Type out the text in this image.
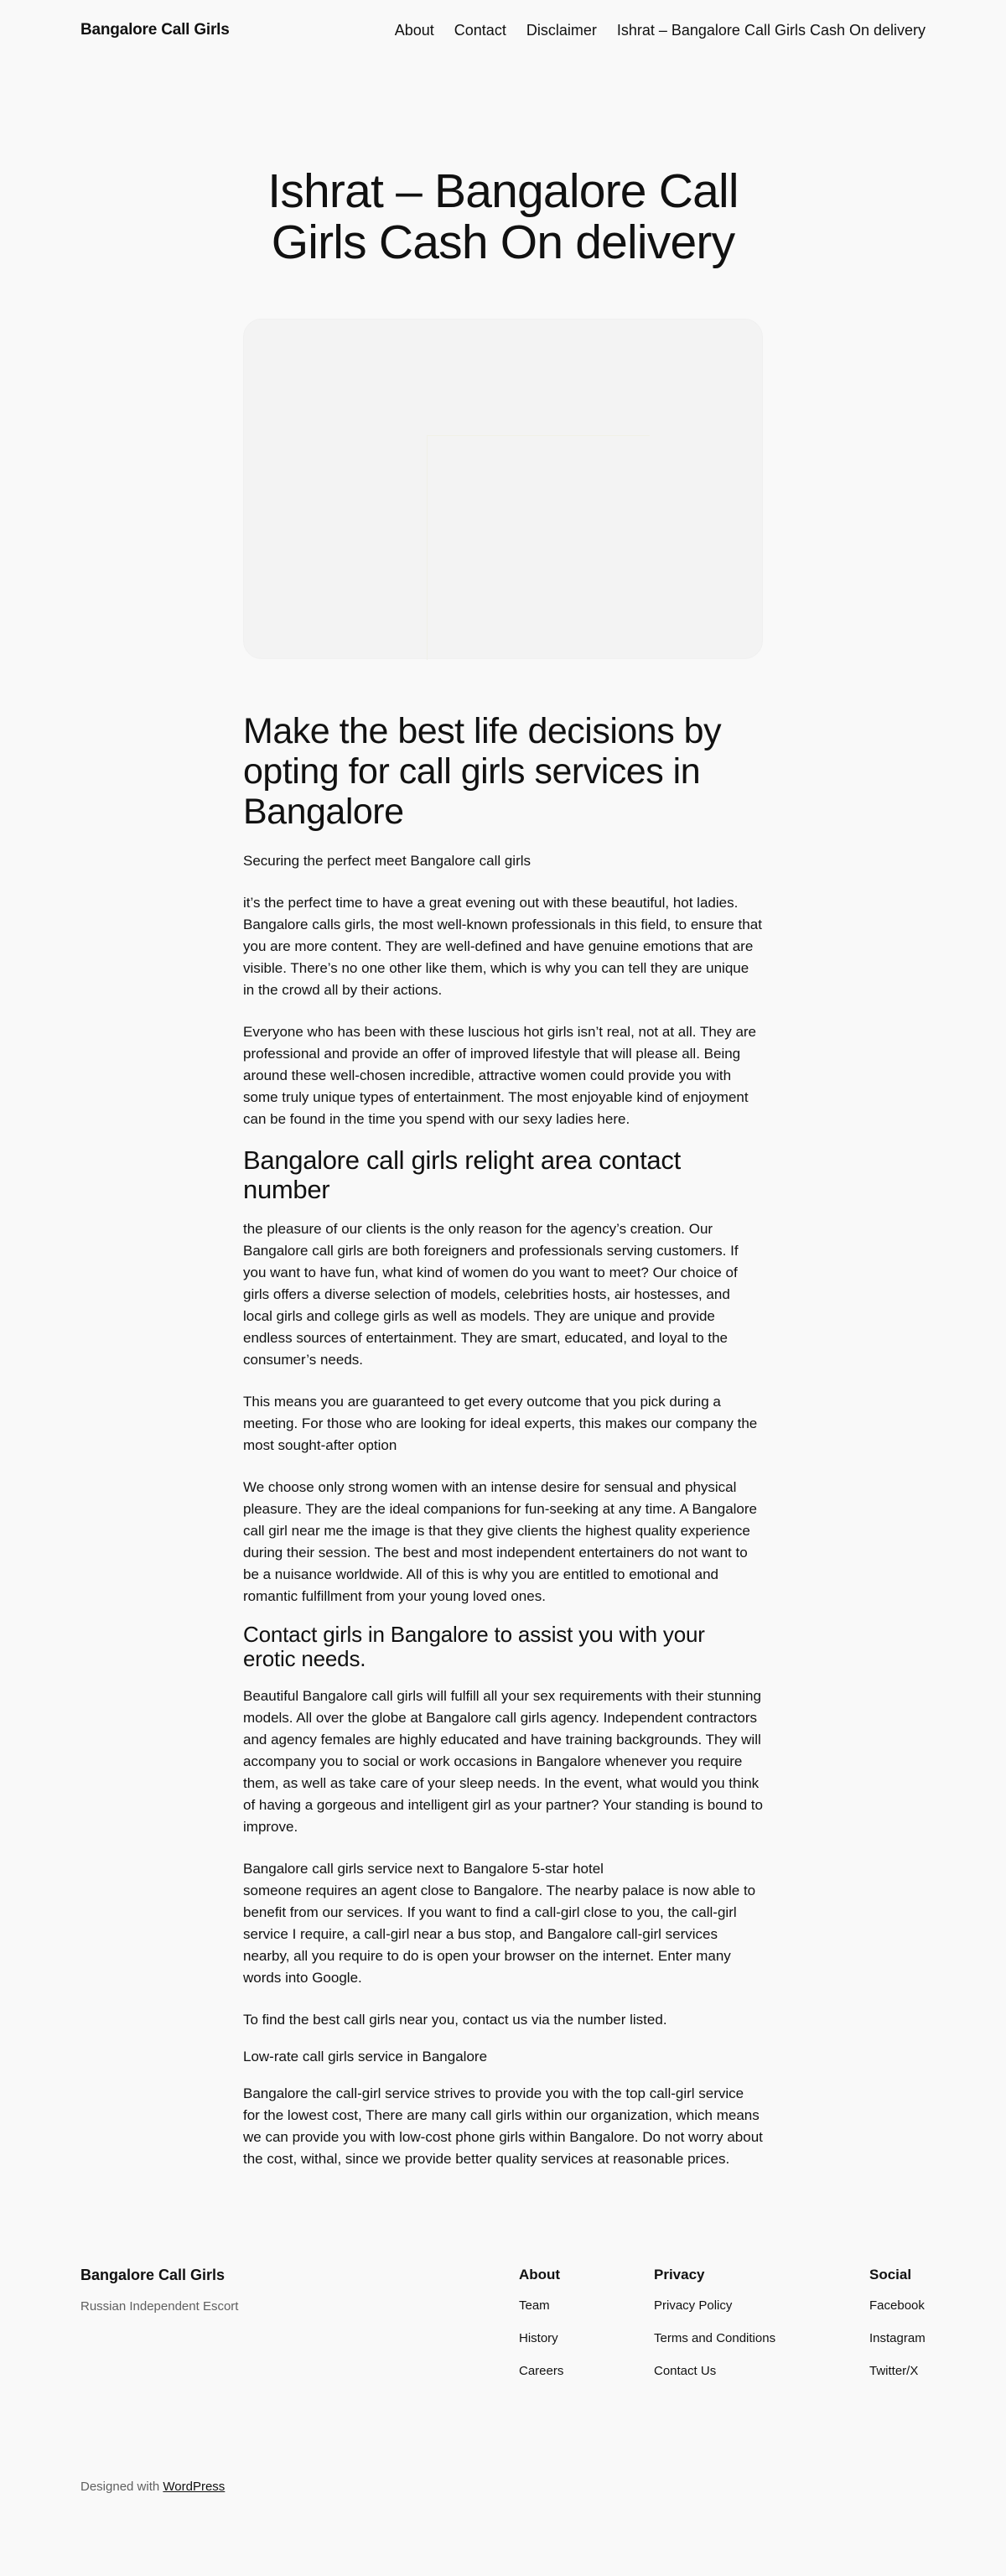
Bangalore Call Girls	About Contact Disclaimer Ishrat – Bangalore Call Girls Cash On delivery
Ishrat – Bangalore Call Girls Cash On delivery
Make the best life decisions by opting for call girls services in Bangalore

Securing the perfect meet Bangalore call girls

it’s the perfect time to have a great evening out with these beautiful, hot ladies. Bangalore calls girls, the most well-known professionals in this field, to ensure that you are more content. They are well-defined and have genuine emotions that are visible. There’s no one other like them, which is why you can tell they are unique in the crowd all by their actions.

Everyone who has been with these luscious hot girls isn’t real, not at all. They are professional and provide an offer of improved lifestyle that will please all. Being around these well-chosen incredible, attractive women could provide you with some truly unique types of entertainment. The most enjoyable kind of enjoyment can be found in the time you spend with our sexy ladies here.

Bangalore call girls relight area contact number

the pleasure of our clients is the only reason for the agency’s creation. Our Bangalore call girls are both foreigners and professionals serving customers. If you want to have fun, what kind of women do you want to meet? Our choice of girls offers a diverse selection of models, celebrities hosts, air hostesses, and local girls and college girls as well as models. They are unique and provide endless sources of entertainment. They are smart, educated, and loyal to the consumer’s needs.

This means you are guaranteed to get every outcome that you pick during a meeting. For those who are looking for ideal experts, this makes our company the most sought-after option

We choose only strong women with an intense desire for sensual and physical pleasure. They are the ideal companions for fun-seeking at any time. A Bangalore call girl near me the image is that they give clients the highest quality experience during their session. The best and most independent entertainers do not want to be a nuisance worldwide. All of this is why you are entitled to emotional and romantic fulfillment from your young loved ones.

Contact girls in Bangalore to assist you with your erotic needs.

Beautiful Bangalore call girls will fulfill all your sex requirements with their stunning models. All over the globe at Bangalore call girls agency. Independent contractors and agency females are highly educated and have training backgrounds. They will accompany you to social or work occasions in Bangalore whenever you require them, as well as take care of your sleep needs. In the event, what would you think of having a gorgeous and intelligent girl as your partner? Your standing is bound to improve.

Bangalore call girls service next to Bangalore 5-star hotel
someone requires an agent close to Bangalore. The nearby palace is now able to benefit from our services. If you want to find a call-girl close to you, the call-girl service I require, a call-girl near a bus stop, and Bangalore call-girl services nearby, all you require to do is open your browser on the internet. Enter many words into Google.

To find the best call girls near you, contact us via the number listed.

Low-rate call girls service in Bangalore

Bangalore the call-girl service strives to provide you with the top call-girl service for the lowest cost, There are many call girls within our organization, which means we can provide you with low-cost phone girls within Bangalore. Do not worry about the cost, withal, since we provide better quality services at reasonable prices.

Bangalore Call Girls
Russian Independent Escort
About
Team
History
Careers
Privacy
Privacy Policy
Terms and Conditions
Contact Us
Social
Facebook
Instagram
Twitter/X
Designed with WordPress
